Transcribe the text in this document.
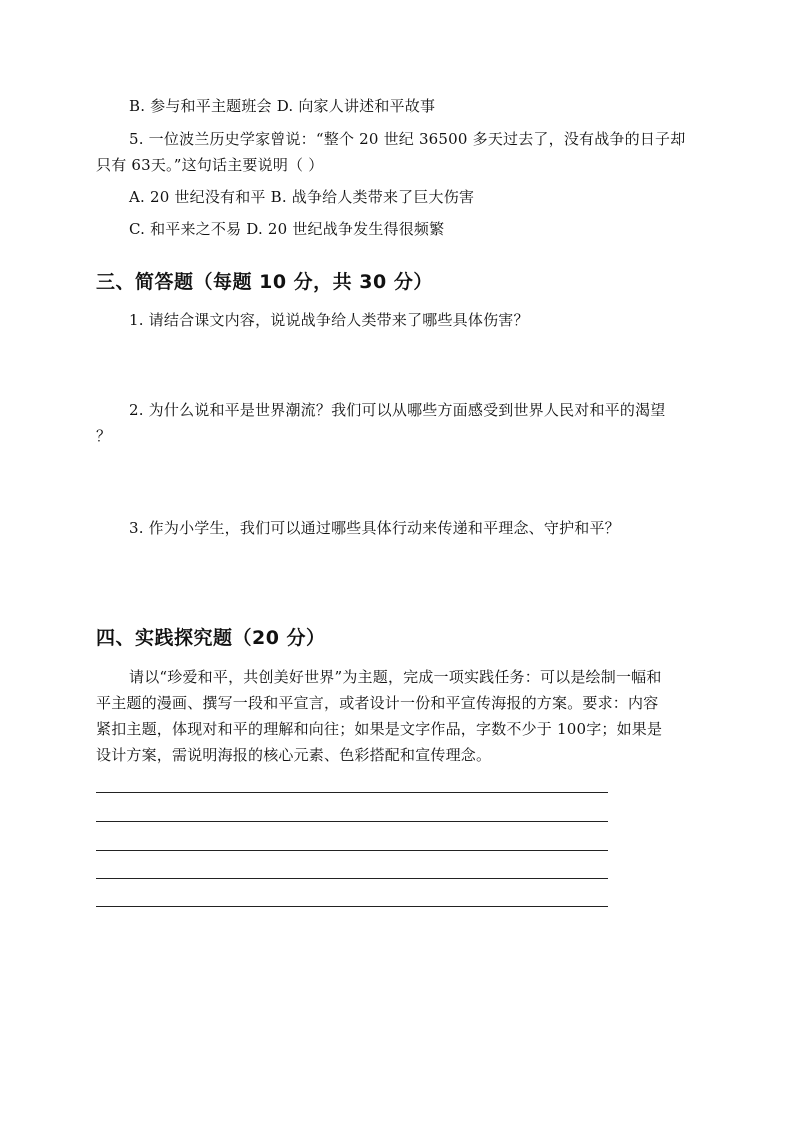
B. 参与和平主题班会 D. 向家人讲述和平故事
5. 一位波兰历史学家曾说：“整个 20 世纪 36500 多天过去了，没有战争的日子却
只有 63天。”这句话主要说明（ ）
A. 20 世纪没有和平 B. 战争给人类带来了巨大伤害
C. 和平来之不易 D. 20 世纪战争发生得很频繁
三、简答题（每题 10 分，共 30 分）
1. 请结合课文内容，说说战争给人类带来了哪些具体伤害？
2. 为什么说和平是世界潮流？我们可以从哪些方面感受到世界人民对和平的渴望
？
3. 作为小学生，我们可以通过哪些具体行动来传递和平理念、守护和平？
四、实践探究题（20 分）
请以“珍爱和平，共创美好世界”为主题，完成一项实践任务：可以是绘制一幅和
平主题的漫画、撰写一段和平宣言，或者设计一份和平宣传海报的方案。要求：内容
紧扣主题，体现对和平的理解和向往；如果是文字作品，字数不少于 100字；如果是
设计方案，需说明海报的核心元素、色彩搭配和宣传理念。
